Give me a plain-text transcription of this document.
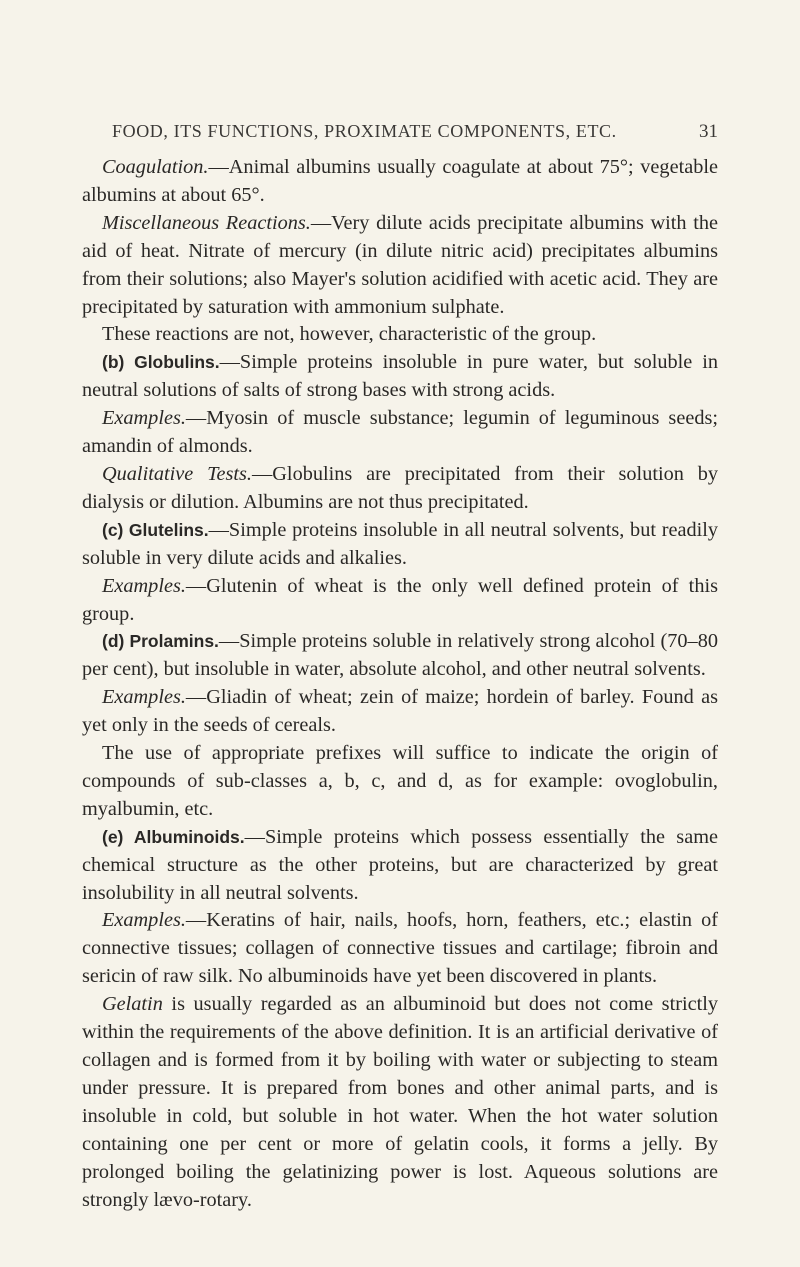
FOOD, ITS FUNCTIONS, PROXIMATE COMPONENTS, ETC.	31

Coagulation.—Animal albumins usually coagulate at about 75°; vegetable albumins at about 65°.

Miscellaneous Reactions.—Very dilute acids precipitate albumins with the aid of heat. Nitrate of mercury (in dilute nitric acid) precipitates albumins from their solutions; also Mayer's solution acidified with acetic acid. They are precipitated by saturation with ammonium sulphate.

These reactions are not, however, characteristic of the group.

(b) Globulins.—Simple proteins insoluble in pure water, but soluble in neutral solutions of salts of strong bases with strong acids.

Examples.—Myosin of muscle substance; legumin of leguminous seeds; amandin of almonds.

Qualitative Tests.—Globulins are precipitated from their solution by dialysis or dilution. Albumins are not thus precipitated.

(c) Glutelins.—Simple proteins insoluble in all neutral solvents, but readily soluble in very dilute acids and alkalies.

Examples.—Glutenin of wheat is the only well defined protein of this group.

(d) Prolamins.—Simple proteins soluble in relatively strong alcohol (70–80 per cent), but insoluble in water, absolute alcohol, and other neutral solvents.

Examples.—Gliadin of wheat; zein of maize; hordein of barley. Found as yet only in the seeds of cereals.

The use of appropriate prefixes will suffice to indicate the origin of compounds of sub-classes a, b, c, and d, as for example: ovoglobulin, myalbumin, etc.

(e) Albuminoids.—Simple proteins which possess essentially the same chemical structure as the other proteins, but are characterized by great insolubility in all neutral solvents.

Examples.—Keratins of hair, nails, hoofs, horn, feathers, etc.; elastin of connective tissues; collagen of connective tissues and cartilage; fibroin and sericin of raw silk. No albuminoids have yet been discovered in plants.

Gelatin is usually regarded as an albuminoid but does not come strictly within the requirements of the above definition. It is an artificial derivative of collagen and is formed from it by boiling with water or subjecting to steam under pressure. It is prepared from bones and other animal parts, and is insoluble in cold, but soluble in hot water. When the hot water solution containing one per cent or more of gelatin cools, it forms a jelly. By prolonged boiling the gelatinizing power is lost. Aqueous solutions are strongly lævo-rotary.
